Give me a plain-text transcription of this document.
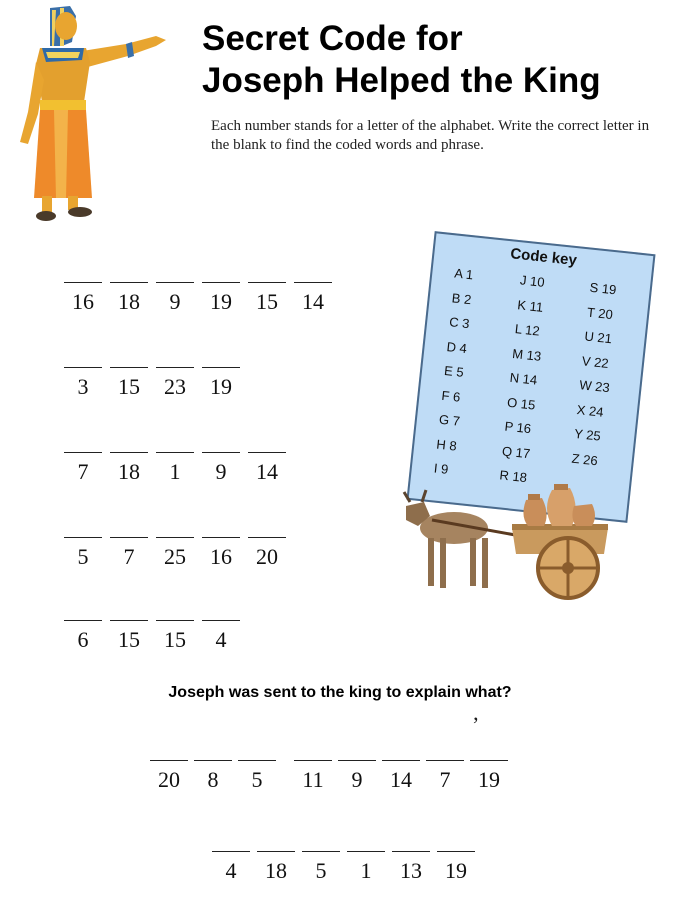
Secret Code for
Joseph Helped the King

Each number stands for a letter of the alphabet. Write the correct letter in the blank to find the coded words and phrase.

16 18 9 19 15 14
3 15 23 19
7 18 1 9 14
5 7 25 16 20
6 15 15 4
Code key
A 1
B 2
C 3
D 4
E 5
F 6
G 7
H 8
I 9
J 10
K 11
L 12
M 13
N 14
O 15
P 16
Q 17
R 18
S 19
T 20
U 21
V 22
W 23
X 24
Y 25
Z 26
Joseph was sent to the king to explain what?
’
20 8 5 11 9 14 7 19
4 18 5 1 13 19
